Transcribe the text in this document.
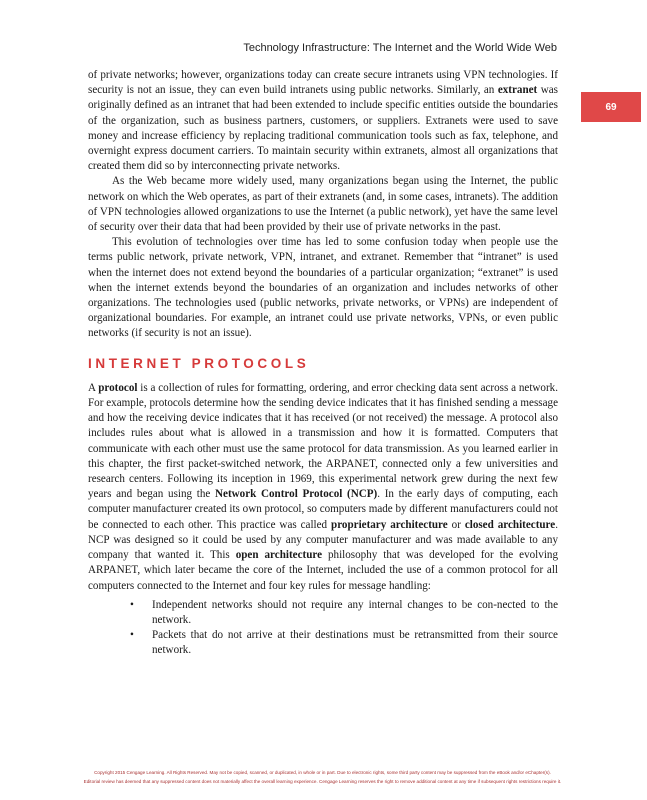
Technology Infrastructure: The Internet and the World Wide Web
69

of private networks; however, organizations today can create secure intranets using VPN technologies. If security is not an issue, they can even build intranets using public networks. Similarly, an extranet was originally defined as an intranet that had been extended to include specific entities outside the boundaries of the organization, such as business partners, customers, or suppliers. Extranets were used to save money and increase efficiency by replacing traditional communication tools such as fax, telephone, and overnight express document carriers. To maintain security within extranets, almost all organizations that created them did so by interconnecting private networks.

As the Web became more widely used, many organizations began using the Internet, the public network on which the Web operates, as part of their extranets (and, in some cases, intranets). The addition of VPN technologies allowed organizations to use the Internet (a public network), yet have the same level of security over their data that had been provided by their use of private networks in the past.

This evolution of technologies over time has led to some confusion today when people use the terms public network, private network, VPN, intranet, and extranet. Remember that “intranet” is used when the internet does not extend beyond the boundaries of a particular organization; “extranet” is used when the internet extends beyond the boundaries of an organization and includes networks of other organizations. The technologies used (public networks, private networks, or VPNs) are independent of organizational boundaries. For example, an intranet could use private networks, VPNs, or even public networks (if security is not an issue).

INTERNET PROTOCOLS

A protocol is a collection of rules for formatting, ordering, and error checking data sent across a network. For example, protocols determine how the sending device indicates that it has finished sending a message and how the receiving device indicates that it has received (or not received) the message. A protocol also includes rules about what is allowed in a transmission and how it is formatted. Computers that communicate with each other must use the same protocol for data transmission. As you learned earlier in this chapter, the first packet-switched network, the ARPANET, connected only a few universities and research centers. Following its inception in 1969, this experimental network grew during the next few years and began using the Network Control Protocol (NCP). In the early days of computing, each computer manufacturer created its own protocol, so computers made by different manufacturers could not be connected to each other. This practice was called proprietary architecture or closed architecture. NCP was designed so it could be used by any computer manufacturer and was made available to any company that wanted it. This open architecture philosophy that was developed for the evolving ARPANET, which later became the core of the Internet, included the use of a common protocol for all computers connected to the Internet and four key rules for message handling:

• Independent networks should not require any internal changes to be con-nected to the network.
• Packets that do not arrive at their destinations must be retransmitted from their source network.
Copyright 2015 Cengage Learning. All Rights Reserved. May not be copied, scanned, or duplicated, in whole or in part. Due to electronic rights, some third party content may be suppressed from the eBook and/or eChapter(s).
Editorial review has deemed that any suppressed content does not materially affect the overall learning experience. Cengage Learning reserves the right to remove additional content at any time if subsequent rights restrictions require it.
